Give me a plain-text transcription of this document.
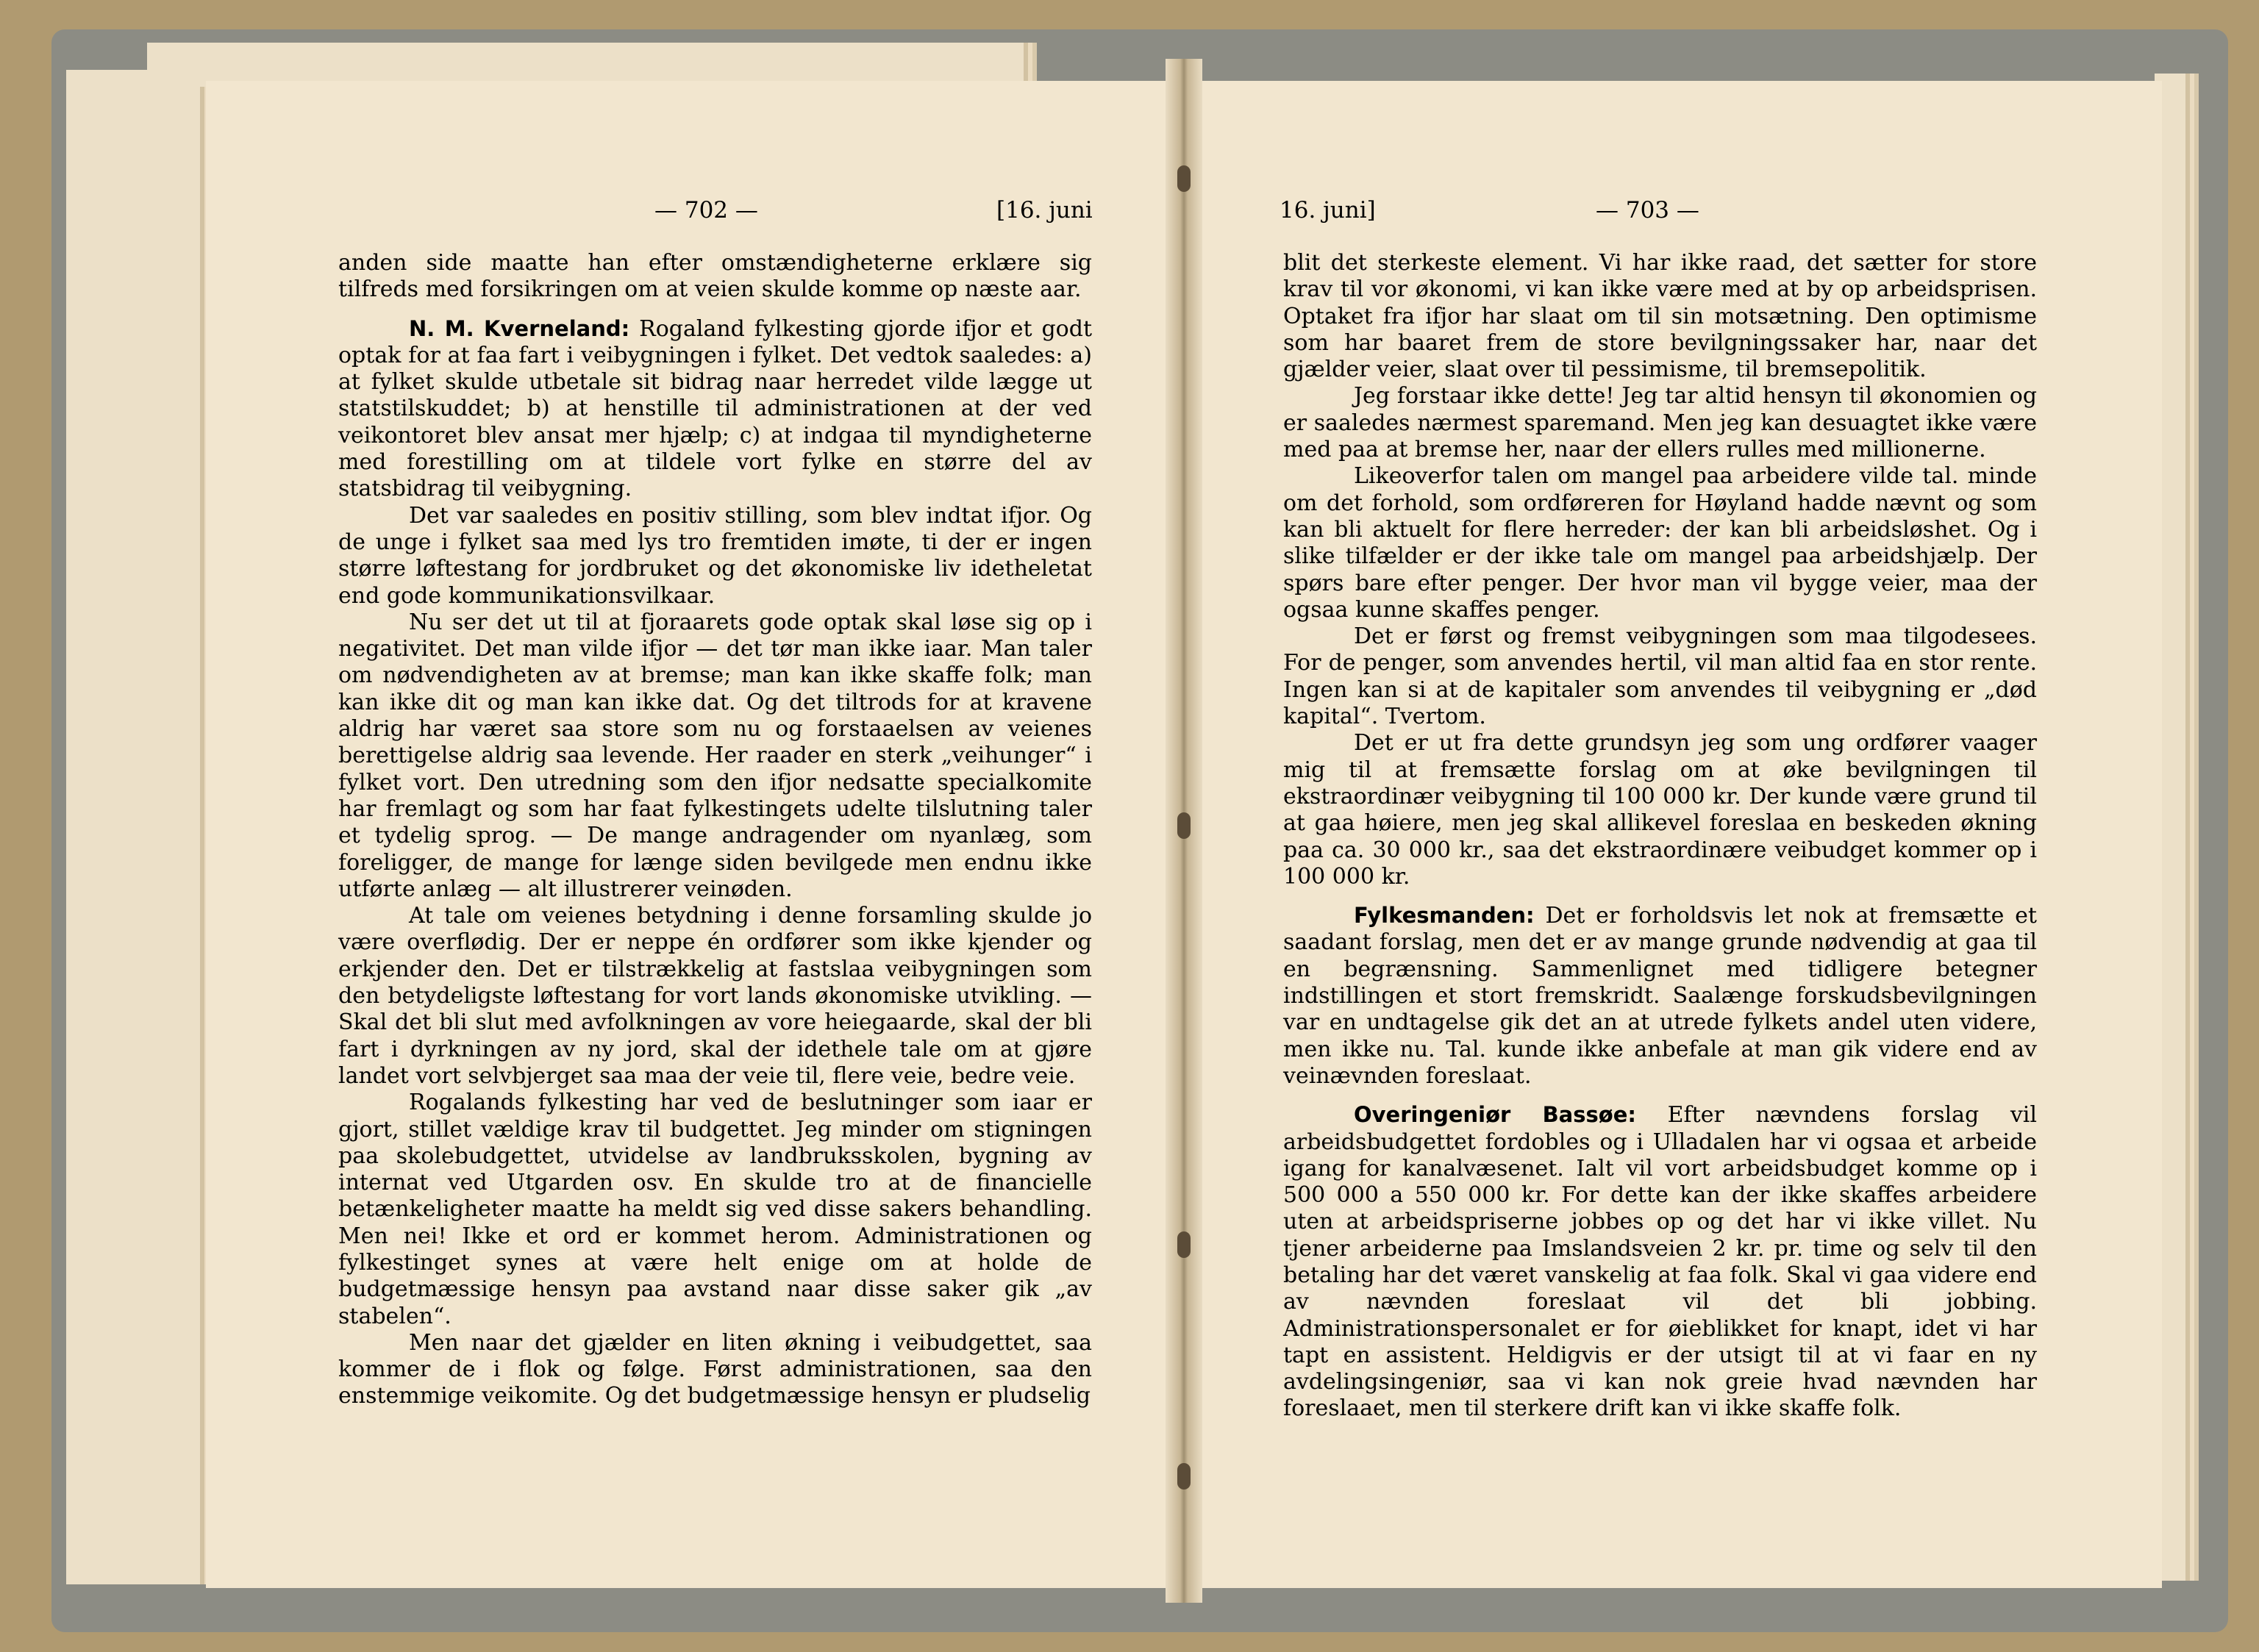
— 702 —	[16. juni

anden side maatte han efter omstændigheterne erklære sig tilfreds med forsikringen om at veien skulde komme op næste aar.

N. M. Kverneland: Rogaland fylkesting gjorde ifjor et godt optak for at faa fart i veibygningen i fylket. Det vedtok saaledes: a) at fylket skulde utbetale sit bidrag naar herredet vilde lægge ut statstilskuddet; b) at henstille til administrationen at der ved veikontoret blev ansat mer hjælp; c) at indgaa til myndigheterne med forestilling om at tildele vort fylke en større del av statsbidrag til veibygning.

Det var saaledes en positiv stilling, som blev indtat ifjor. Og de unge i fylket saa med lys tro fremtiden imøte, ti der er ingen større løftestang for jordbruket og det økonomiske liv idetheletat end gode kommunikationsvilkaar.

Nu ser det ut til at fjoraarets gode optak skal løse sig op i negativitet. Det man vilde ifjor — det tør man ikke iaar. Man taler om nødvendigheten av at bremse; man kan ikke skaffe folk; man kan ikke dit og man kan ikke dat. Og det tiltrods for at kravene aldrig har været saa store som nu og forstaaelsen av veienes berettigelse aldrig saa levende. Her raader en sterk „veihunger“ i fylket vort. Den utredning som den ifjor nedsatte specialkomite har fremlagt og som har faat fylkestingets udelte tilslutning taler et tydelig sprog. — De mange andragender om nyanlæg, som foreligger, de mange for længe siden bevilgede men endnu ikke utførte anlæg — alt illustrerer veinøden.

At tale om veienes betydning i denne forsamling skulde jo være overflødig. Der er neppe én ordfører som ikke kjender og erkjender den. Det er tilstrækkelig at fastslaa veibygningen som den betydeligste løftestang for vort lands økonomiske utvikling. — Skal det bli slut med avfolkningen av vore heiegaarde, skal der bli fart i dyrkningen av ny jord, skal der idethele tale om at gjøre landet vort selvbjerget saa maa der veie til, flere veie, bedre veie.

Rogalands fylkesting har ved de beslutninger som iaar er gjort, stillet vældige krav til budgettet. Jeg minder om stigningen paa skolebudgettet, utvidelse av landbruksskolen, bygning av internat ved Utgarden osv. En skulde tro at de financielle betænkeligheter maatte ha meldt sig ved disse sakers behandling. Men nei! Ikke et ord er kommet herom. Administrationen og fylkestinget synes at være helt enige om at holde de budgetmæssige hensyn paa avstand naar disse saker gik „av stabelen“.

Men naar det gjælder en liten økning i veibudgettet, saa kommer de i flok og følge. Først administrationen, saa den enstemmige veikomite. Og det budgetmæssige hensyn er pludselig

16. juni]	— 703 —

blit det sterkeste element. Vi har ikke raad, det sætter for store krav til vor økonomi, vi kan ikke være med at by op arbeidsprisen. Optaket fra ifjor har slaat om til sin motsætning. Den optimisme som har baaret frem de store bevilgningssaker har, naar det gjælder veier, slaat over til pessimisme, til bremsepolitik.

Jeg forstaar ikke dette! Jeg tar altid hensyn til økonomien og er saaledes nærmest sparemand. Men jeg kan desuagtet ikke være med paa at bremse her, naar der ellers rulles med millionerne.

Likeoverfor talen om mangel paa arbeidere vilde tal. minde om det forhold, som ordføreren for Høyland hadde nævnt og som kan bli aktuelt for flere herreder: der kan bli arbeidsløshet. Og i slike tilfælder er der ikke tale om mangel paa arbeidshjælp. Der spørs bare efter penger. Der hvor man vil bygge veier, maa der ogsaa kunne skaffes penger.

Det er først og fremst veibygningen som maa tilgodesees. For de penger, som anvendes hertil, vil man altid faa en stor rente. Ingen kan si at de kapitaler som anvendes til veibygning er „død kapital“. Tvertom.

Det er ut fra dette grundsyn jeg som ung ordfører vaager mig til at fremsætte forslag om at øke bevilgningen til ekstraordinær veibygning til 100 000 kr. Der kunde være grund til at gaa høiere, men jeg skal allikevel foreslaa en beskeden økning paa ca. 30 000 kr., saa det ekstraordinære veibudget kommer op i 100 000 kr.

Fylkesmanden: Det er forholdsvis let nok at fremsætte et saadant forslag, men det er av mange grunde nødvendig at gaa til en begrænsning. Sammenlignet med tidligere betegner indstillingen et stort fremskridt. Saalænge forskudsbevilgningen var en undtagelse gik det an at utrede fylkets andel uten videre, men ikke nu. Tal. kunde ikke anbefale at man gik videre end av veinævnden foreslaat.

Overingeniør Bassøe: Efter nævndens forslag vil arbeidsbudgettet fordobles og i Ulladalen har vi ogsaa et arbeide igang for kanalvæsenet. Ialt vil vort arbeidsbudget komme op i 500 000 a 550 000 kr. For dette kan der ikke skaffes arbeidere uten at arbeidspriserne jobbes op og det har vi ikke villet. Nu tjener arbeiderne paa Imslandsveien 2 kr. pr. time og selv til den betaling har det været vanskelig at faa folk. Skal vi gaa videre end av nævnden foreslaat vil det bli jobbing. Administrationspersonalet er for øieblikket for knapt, idet vi har tapt en assistent. Heldigvis er der utsigt til at vi faar en ny avdelingsingeniør, saa vi kan nok greie hvad nævnden har foreslaaet, men til sterkere drift kan vi ikke skaffe folk.
